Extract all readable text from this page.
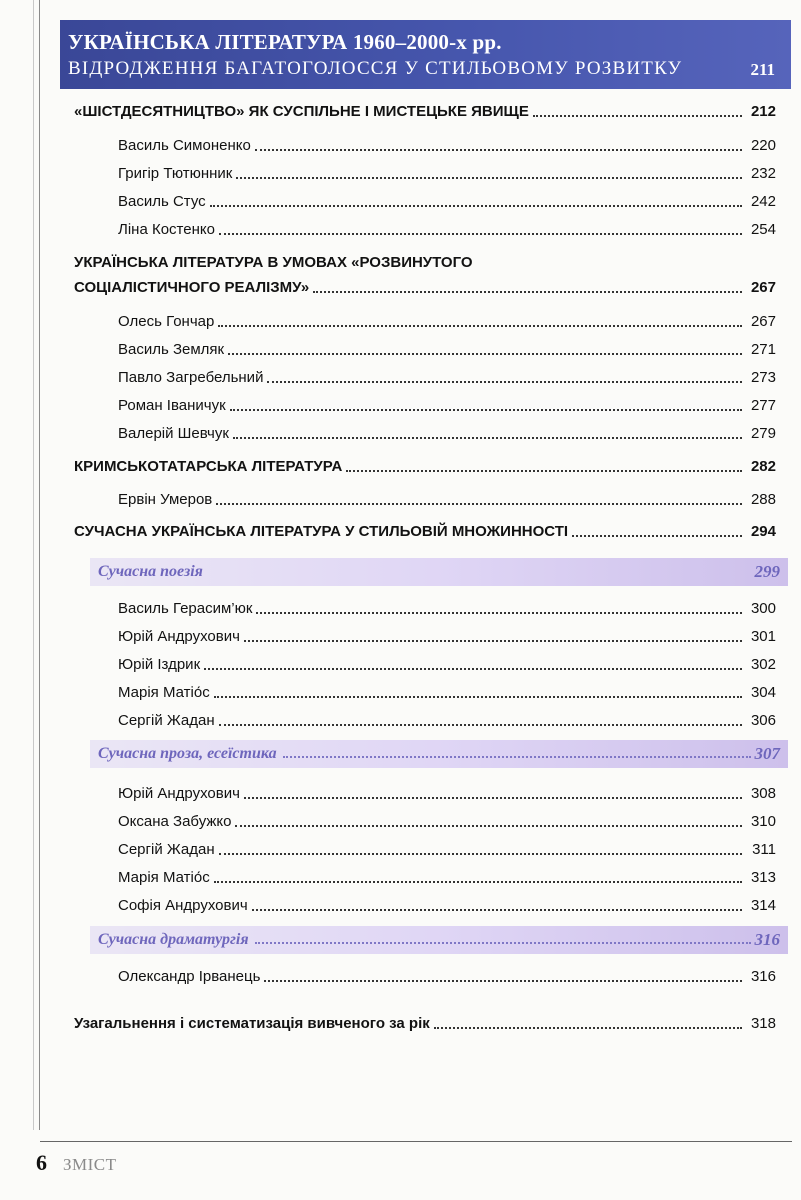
УКРАЇНСЬКА ЛІТЕРАТУРА 1960–2000-х рр.
ВІДРОДЖЕННЯ БАГАТОГОЛОССЯ У СТИЛЬОВОМУ РОЗВИТКУ	211
«ШІСТДЕСЯТНИЦТВО» ЯК СУСПІЛЬНЕ І МИСТЕЦЬКЕ ЯВИЩЕ	212
Василь Симоненко	220
Григір Тютюнник	232
Василь Стус	242
Ліна Костенко	254
УКРАЇНСЬКА ЛІТЕРАТУРА В УМОВАХ «РОЗВИНУТОГО
СОЦІАЛІСТИЧНОГО РЕАЛІЗМУ»	267
Олесь Гончар	267
Василь Земляк	271
Павло Загребельний	273
Роман Іваничук	277
Валерій Шевчук	279
КРИМСЬКОТАТАРСЬКА ЛІТЕРАТУРА	282
Ервін Умеров	288
СУЧАСНА УКРАЇНСЬКА ЛІТЕРАТУРА У СТИЛЬОВІЙ МНОЖИННОСТІ	294
Сучасна поезія	299
Василь Герасим’юк	300
Юрій Андрухович	301
Юрій Іздрик	302
Марія Матіо́с	304
Сергій Жадан	306
Сучасна проза, есеїстика	307
Юрій Андрухович	308
Оксана Забужко	310
Сергій Жадан	311
Марія Матіо́с	313
Софія Андрухович	314
Сучасна драматургія	316
Олександр Ірванець	316
Узагальнення і систематизація вивченого за рік	318
6 ЗМІСТ
